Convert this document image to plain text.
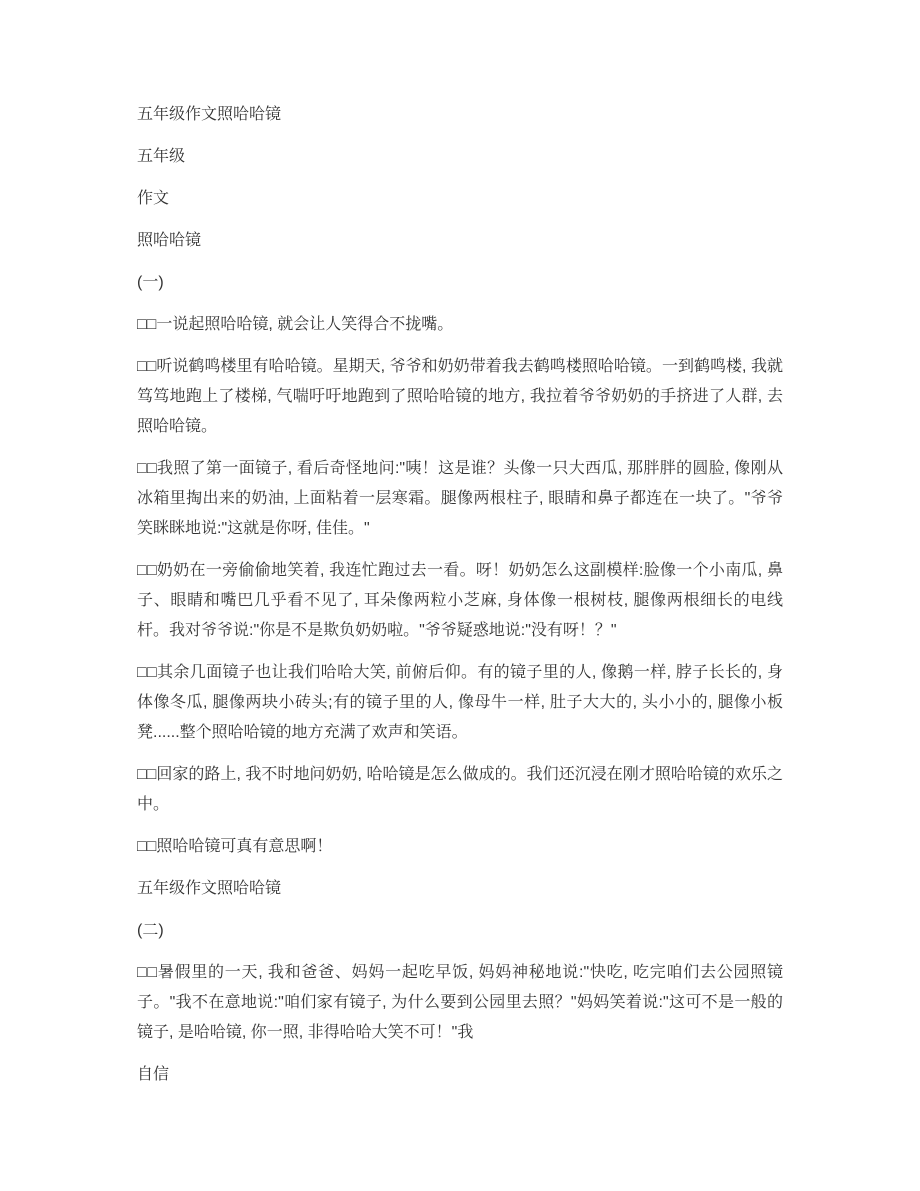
五年级作文照哈哈镜

五年级

作文

照哈哈镜

(一)

□□一说起照哈哈镜, 就会让人笑得合不拢嘴。

□□听说鹤鸣楼里有哈哈镜。星期天, 爷爷和奶奶带着我去鹤鸣楼照哈哈镜。一到鹤鸣楼, 我就笃笃地跑上了楼梯, 气喘吁吁地跑到了照哈哈镜的地方, 我拉着爷爷奶奶的手挤进了人群, 去照哈哈镜。

□□我照了第一面镜子, 看后奇怪地问:"咦！这是谁？头像一只大西瓜, 那胖胖的圆脸, 像刚从冰箱里掏出来的奶油, 上面粘着一层寒霜。腿像两根柱子, 眼睛和鼻子都连在一块了。"爷爷笑眯眯地说:"这就是你呀, 佳佳。"

□□奶奶在一旁偷偷地笑着, 我连忙跑过去一看。呀！奶奶怎么这副模样:脸像一个小南瓜, 鼻子、眼睛和嘴巴几乎看不见了, 耳朵像两粒小芝麻, 身体像一根树枝, 腿像两根细长的电线杆。我对爷爷说:"你是不是欺负奶奶啦。"爷爷疑惑地说:"没有呀！？"

□□其余几面镜子也让我们哈哈大笑, 前俯后仰。有的镜子里的人, 像鹅一样, 脖子长长的, 身体像冬瓜, 腿像两块小砖头;有的镜子里的人, 像母牛一样, 肚子大大的, 头小小的, 腿像小板凳......整个照哈哈镜的地方充满了欢声和笑语。

□□回家的路上, 我不时地问奶奶, 哈哈镜是怎么做成的。我们还沉浸在刚才照哈哈镜的欢乐之中。

□□照哈哈镜可真有意思啊！

五年级作文照哈哈镜

(二)

□□暑假里的一天, 我和爸爸、妈妈一起吃早饭, 妈妈神秘地说:"快吃, 吃完咱们去公园照镜子。"我不在意地说:"咱们家有镜子, 为什么要到公园里去照？"妈妈笑着说:"这可不是一般的镜子, 是哈哈镜, 你一照, 非得哈哈大笑不可！"我

自信
